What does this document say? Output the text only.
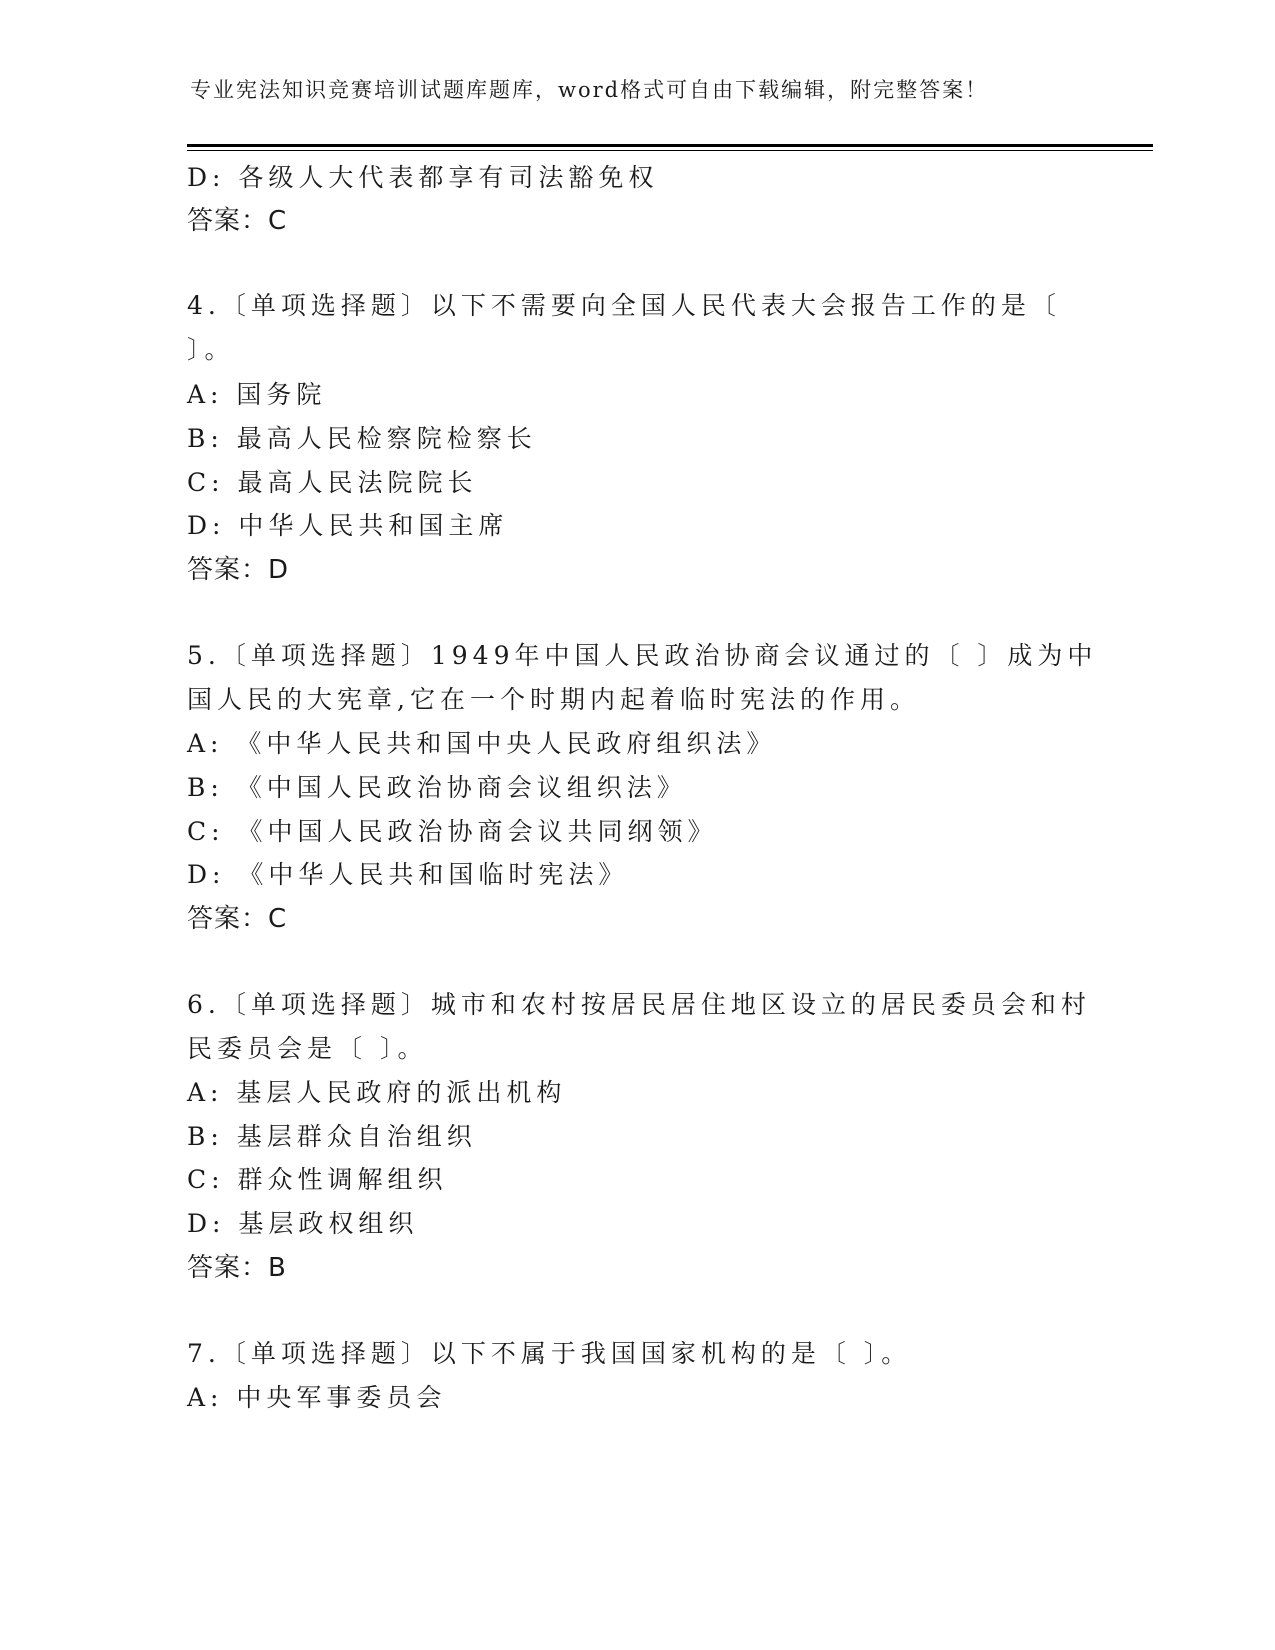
专业宪法知识竞赛培训试题库题库，word格式可自由下载编辑，附完整答案！
D: 各级人大代表都享有司法豁免权
答案：C
4.〔单项选择题〕以下不需要向全国人民代表大会报告工作的是〔
〕。
A: 国务院
B: 最高人民检察院检察长
C: 最高人民法院院长
D: 中华人民共和国主席
答案：D
5.〔单项选择题〕1949年中国人民政治协商会议通过的〔 〕成为中
国人民的大宪章,它在一个时期内起着临时宪法的作用。
A: 《中华人民共和国中央人民政府组织法》
B: 《中国人民政治协商会议组织法》
C: 《中国人民政治协商会议共同纲领》
D: 《中华人民共和国临时宪法》
答案：C
6.〔单项选择题〕城市和农村按居民居住地区设立的居民委员会和村
民委员会是〔 〕。
A: 基层人民政府的派出机构
B: 基层群众自治组织
C: 群众性调解组织
D: 基层政权组织
答案：B
7.〔单项选择题〕以下不属于我国国家机构的是〔 〕。
A: 中央军事委员会
